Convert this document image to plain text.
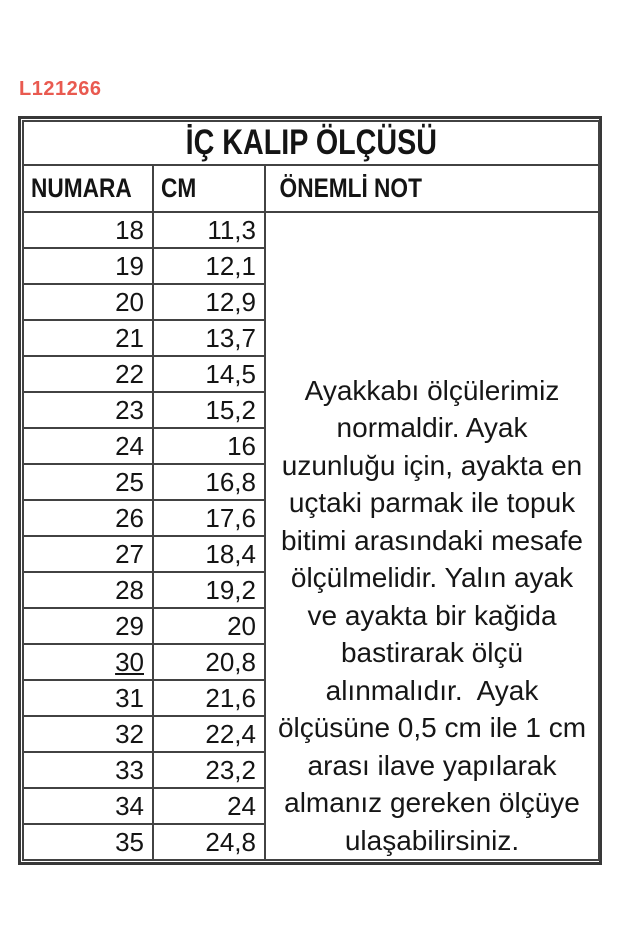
L121266
İÇ KALIP ÖLÇÜSÜ		
NUMARA	CM	ÖNEMLİ NOT
18	11,3	
Ayakkabı ölçülerimiz
normaldir. Ayak
uzunluğu için, ayakta en
uçtaki parmak ile topuk
bitimi arasındaki mesafe
ölçülmelidir. Yalın ayak
ve ayakta bir kağida
bastirarak ölçü
alınmalıdır.  Ayak
ölçüsüne 0,5 cm ile 1 cm
arası ilave yapılarak
almanız gereken ölçüye
ulaşabilirsiniz.

19	12,1	
20	12,9	
21	13,7	
22	14,5	
23	15,2	
24	16	
25	16,8	
26	17,6	
27	18,4	
28	19,2	
29	20	
30	20,8	
31	21,6	
32	22,4	
33	23,2	
34	24	
35	24,8	
